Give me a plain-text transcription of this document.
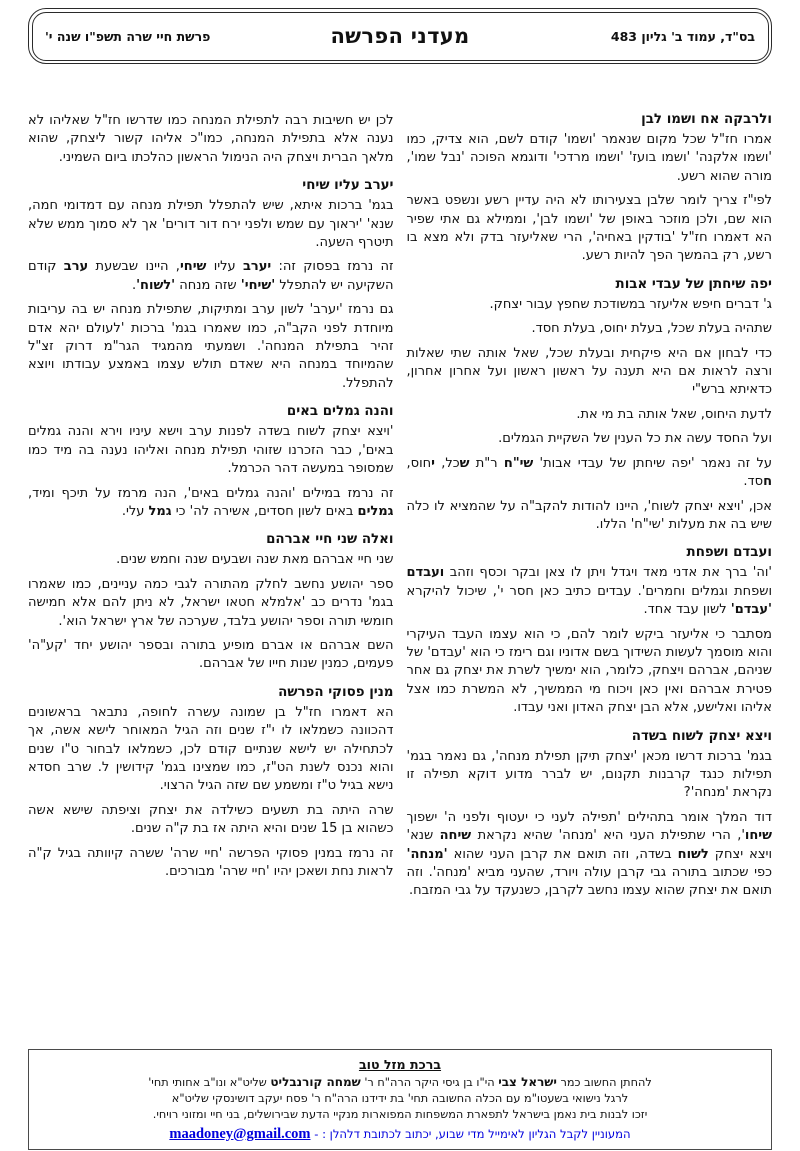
בס"ד, עמוד ב' גליון 483
מעדני הפרשה
פרשת חיי שרה תשפ"ו שנה י'
ולרבקה אח ושמו לבן

אמרו חז"ל שכל מקום שנאמר 'ושמו' קודם לשם, הוא צדיק, כמו 'ושמו אלקנה' 'ושמו בועז' 'ושמו מרדכי' ודוגמא הפוכה 'נבל שמו', מורה שהוא רשע.

לפי"ז צריך לומר שלבן בצעירותו לא היה עדיין רשע ונשפט באשר הוא שם, ולכן מוזכר באופן של 'ושמו לבן', וממילא גם אתי שפיר הא דאמרו חז"ל 'בודקין באחיה', הרי שאליעזר בדק ולא מצא בו רשע, רק בהמשך הפך להיות רשע.

יפה שיחתן של עבדי אבות

ג' דברים חיפש אליעזר במשודכת שחפץ עבור יצחק.

שתהיה בעלת שכל, בעלת יחוס, בעלת חסד.

כדי לבחון אם היא פיקחית ובעלת שכל, שאל אותה שתי שאלות ורצה לראות אם היא תענה על ראשון ראשון ועל אחרון אחרון, כדאיתא ברש"י

לדעת היחוס, שאל אותה בת מי את.

ועל החסד עשה את כל הענין של השקיית הגמלים.

על זה נאמר 'יפה שיחתן של עבדי אבות' שי"ח ר"ת שכל, יחוס, חסד.

אכן, 'ויצא יצחק לשוח', היינו להודות להקב"ה על שהמציא לו כלה שיש בה את מעלות 'שי"ח' הללו.

ועבדם ושפחת

'וה' ברך את אדני מאד ויגדל ויתן לו צאן ובקר וכסף וזהב ועבדם ושפחת וגמלים וחמרים'. עבדים כתיב כאן חסר י', שיכול להיקרא 'עבדם' לשון עבד אחד.

מסתבר כי אליעזר ביקש לומר להם, כי הוא עצמו העבד העיקרי והוא מוסמך לעשות השידוך בשם אדוניו וגם רימז כי הוא 'עבדם' של שניהם, אברהם ויצחק, כלומר, הוא ימשיך לשרת את יצחק גם אחר פטירת אברהם ואין כאן ויכוח מי הממשיך, לא המשרת כמו אצל אליהו ואלישע, אלא הבן יצחק האדון ואני עבדו.

ויצא יצחק לשוח בשדה

בגמ' ברכות דרשו מכאן 'יצחק תיקן תפילת מנחה', גם נאמר בגמ' תפילות כנגד קרבנות תקנום, יש לברר מדוע דוקא תפילה זו נקראת 'מנחה'?

דוד המלך אומר בתהילים 'תפילה לעני כי יעטוף ולפני ה' ישפוך שיחו', הרי שתפילת העני היא 'מנחה' שהיא נקראת שיחה שנא' ויצא יצחק לשוח בשדה, וזה תואם את קרבן העני שהוא 'מנחה' כפי שכתוב בתורה גבי קרבן עולה ויורד, שהעני מביא 'מנחה'. וזה תואם את יצחק שהוא עצמו נחשב לקרבן, כשנעקד על גבי המזבח.

לכן יש חשיבות רבה לתפילת המנחה כמו שדרשו חז"ל שאליהו לא נענה אלא בתפילת המנחה, כמו"כ אליהו קשור ליצחק, שהוא מלאך הברית ויצחק היה הנימול הראשון כהלכתו ביום השמיני.

יערב עליו שיחי

בגמ' ברכות איתא, שיש להתפלל תפילת מנחה עם דמדומי חמה, שנא' 'יראוך עם שמש ולפני ירח דור דורים' אך לא סמוך ממש שלא תיטרף השעה.

זה נרמז בפסוק זה: יערב עליו שיחי, היינו שבשעת ערב קודם השקיעה יש להתפלל 'שיחי' שזה מנחה 'לשוח'.

גם נרמז 'יערב' לשון ערב ומתיקות, שתפילת מנחה יש בה עריבות מיוחדת לפני הקב"ה, כמו שאמרו בגמ' ברכות 'לעולם יהא אדם זהיר בתפילת המנחה'. ושמעתי מהמגיד הגר"מ דרוק זצ"ל שהמיוחד במנחה היא שאדם תולש עצמו באמצע עבודתו ויוצא להתפלל.

והנה גמלים באים

'ויצא יצחק לשוח בשדה לפנות ערב וישא עיניו וירא והנה גמלים באים', כבר הזכרנו שזוהי תפילת מנחה ואליהו נענה בה מיד כמו שמסופר במעשה דהר הכרמל.

זה נרמז במילים 'והנה גמלים באים', הנה מרמז על תיכף ומיד, גמלים באים לשון חסדים, אשירה לה' כי גמל עלי.

ואלה שני חיי אברהם

שני חיי אברהם מאת שנה ושבעים שנה וחמש שנים.

ספר יהושע נחשב לחלק מהתורה לגבי כמה עניינים, כמו שאמרו בגמ' נדרים כב 'אלמלא חטאו ישראל, לא ניתן להם אלא חמישה חומשי תורה וספר יהושע בלבד, שערכה של ארץ ישראל הוא'.

השם אברהם או אברם מופיע בתורה ובספר יהושע יחד 'קע"ה' פעמים, כמנין שנות חייו של אברהם.

מנין פסוקי הפרשה

הא דאמרו חז"ל בן שמונה עשרה לחופה, נתבאר בראשונים דהכוונה כשמלאו לו י"ז שנים וזה הגיל המאוחר לישא אשה, אך לכתחילה יש לישא שנתיים קודם לכן, כשמלאו לבחור ט"ו שנים והוא נכנס לשנת הט"ז, כמו שמצינו בגמ' קידושין ל. שרב חסדא נישא בגיל ט"ז ומשמע שם שזה הגיל הרצוי.

שרה היתה בת תשעים כשילדה את יצחק וציפתה שישא אשה כשהוא בן 15 שנים והיא היתה אז בת ק"ה שנים.

זה נרמז במנין פסוקי הפרשה 'חיי שרה' ששרה קיוותה בגיל ק"ה לראות נחת ושאכן יהיו 'חיי שרה' מבורכים.

ברכת מזל טוב
להחתן החשוב כמר ישראל צבי הי"ו בן גיסי היקר הרה"ח ר' שמחה קורנבליט שליט"א ונו"ב אחותי תחי'
לרגל נישואי בשעטו"מ עם הכלה החשובה תחי' בת ידידנו הרה"ח ר' פסח יעקב דושינסקי שליט"א
יזכו לבנות בית נאמן בישראל לתפארת המשפחות המפוארות מנקיי הדעת שבירושלים, בני חיי ומזוני רויחי.
המעוניין לקבל הגליון לאימייל מדי שבוע, יכתוב לכתובת דלהלן : - maadoney@gmail.com
